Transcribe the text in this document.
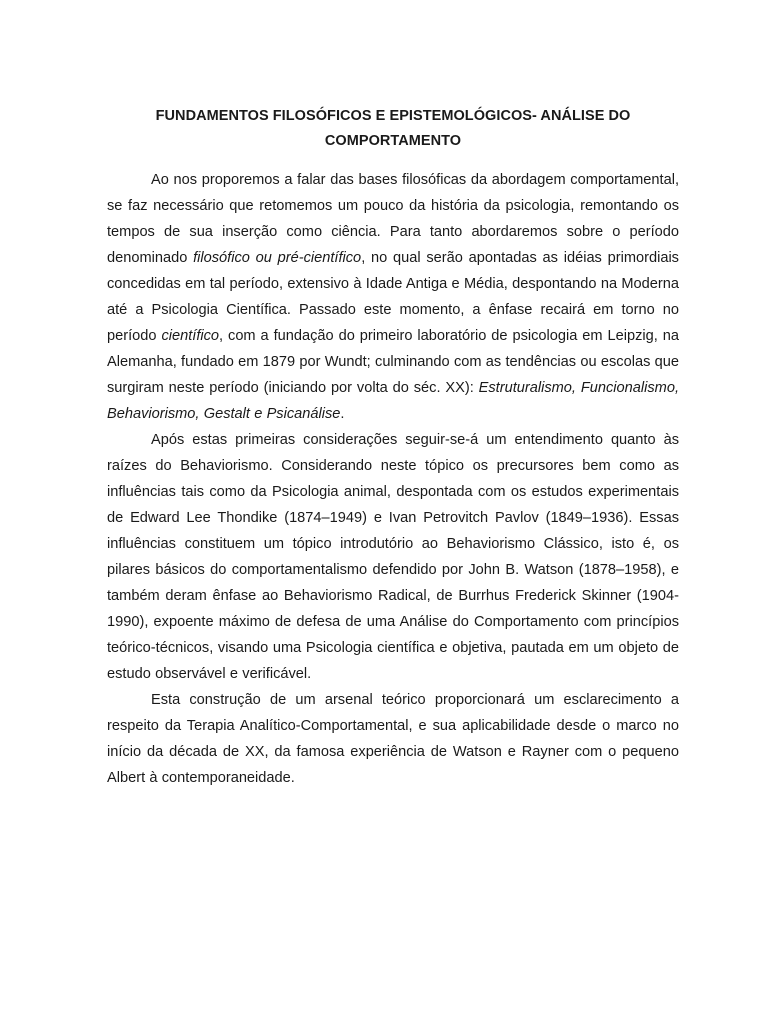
FUNDAMENTOS FILOSÓFICOS E EPISTEMOLÓGICOS- ANÁLISE DO
COMPORTAMENTO

Ao nos proporemos a falar das bases filosóficas da abordagem comportamental, se faz necessário que retomemos um pouco da história da psicologia, remontando os tempos de sua inserção como ciência. Para tanto abordaremos sobre o período denominado filosófico ou pré-científico, no qual serão apontadas as idéias primordiais concedidas em tal período, extensivo à Idade Antiga e Média, despontando na Moderna até a Psicologia Científica. Passado este momento, a ênfase recairá em torno no período científico, com a fundação do primeiro laboratório de psicologia em Leipzig, na Alemanha, fundado em 1879 por Wundt; culminando com as tendências ou escolas que surgiram neste período (iniciando por volta do séc. XX): Estruturalismo, Funcionalismo, Behaviorismo, Gestalt e Psicanálise.

Após estas primeiras considerações seguir-se-á um entendimento quanto às raízes do Behaviorismo. Considerando neste tópico os precursores bem como as influências tais como da Psicologia animal, despontada com os estudos experimentais de Edward Lee Thondike (1874–1949) e Ivan Petrovitch Pavlov (1849–1936). Essas influências constituem um tópico introdutório ao Behaviorismo Clássico, isto é, os pilares básicos do comportamentalismo defendido por John B. Watson (1878–1958), e também deram ênfase ao Behaviorismo Radical, de Burrhus Frederick Skinner (1904-1990), expoente máximo de defesa de uma Análise do Comportamento com princípios teórico-técnicos, visando uma Psicologia científica e objetiva, pautada em um objeto de estudo observável e verificável.

Esta construção de um arsenal teórico proporcionará um esclarecimento a respeito da Terapia Analítico-Comportamental, e sua aplicabilidade desde o marco no início da década de XX, da famosa experiência de Watson e Rayner com o pequeno Albert à contemporaneidade.
